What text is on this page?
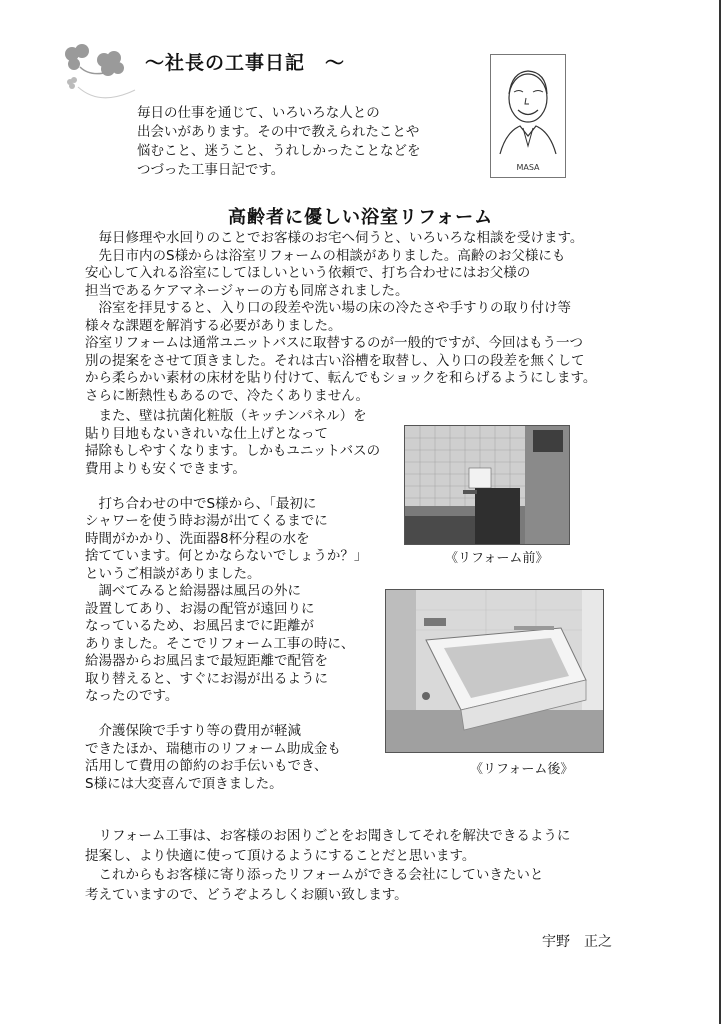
〜社長の工事日記　〜
毎日の仕事を通じて、いろいろな人との
出会いがあります。その中で教えられたことや
悩むこと、迷うこと、うれしかったことなどを
つづった工事日記です。	MASA
高齢者に優しい浴室リフォーム
　毎日修理や水回りのことでお客様のお宅へ伺うと、いろいろな相談を受けます。
　先日市内のS様からは浴室リフォームの相談がありました。高齢のお父様にも
安心して入れる浴室にしてほしいという依頼で、打ち合わせにはお父様の
担当であるケアマネージャーの方も同席されました。
　浴室を拝見すると、入り口の段差や洗い場の床の冷たさや手すりの取り付け等
様々な課題を解消する必要がありました。
浴室リフォームは通常ユニットバスに取替するのが一般的ですが、今回はもう一つ
別の提案をさせて頂きました。それは古い浴槽を取替し、入り口の段差を無くして
から柔らかい素材の床材を貼り付けて、転んでもショックを和らげるようにします。
さらに断熱性もあるので、冷たくありません。
　また、壁は抗菌化粧版（キッチンパネル）を
貼り目地もないきれいな仕上げとなって
掃除もしやすくなります。しかもユニットバスの
費用よりも安くできます。

　打ち合わせの中でS様から、「最初に
シャワーを使う時お湯が出てくるまでに
時間がかかり、洗面器8杯分程の水を
捨てています。何とかならないでしょうか？」
というご相談がありました。
　調べてみると給湯器は風呂の外に
設置してあり、お湯の配管が遠回りに
なっているため、お風呂までに距離が
ありました。そこでリフォーム工事の時に、
給湯器からお風呂まで最短距離で配管を
取り替えると、すぐにお湯が出るように
なったのです。

　介護保険で手すり等の費用が軽減
できたほか、瑞穂市のリフォーム助成金も
活用して費用の節約のお手伝いもでき、
S様には大変喜んで頂きました。
《リフォーム前》
《リフォーム後》
　リフォーム工事は、お客様のお困りごとをお聞きしてそれを解決できるように
提案し、より快適に使って頂けるようにすることだと思います。
　これからもお客様に寄り添ったリフォームができる会社にしていきたいと
考えていますので、どうぞよろしくお願い致します。
宇野　正之
